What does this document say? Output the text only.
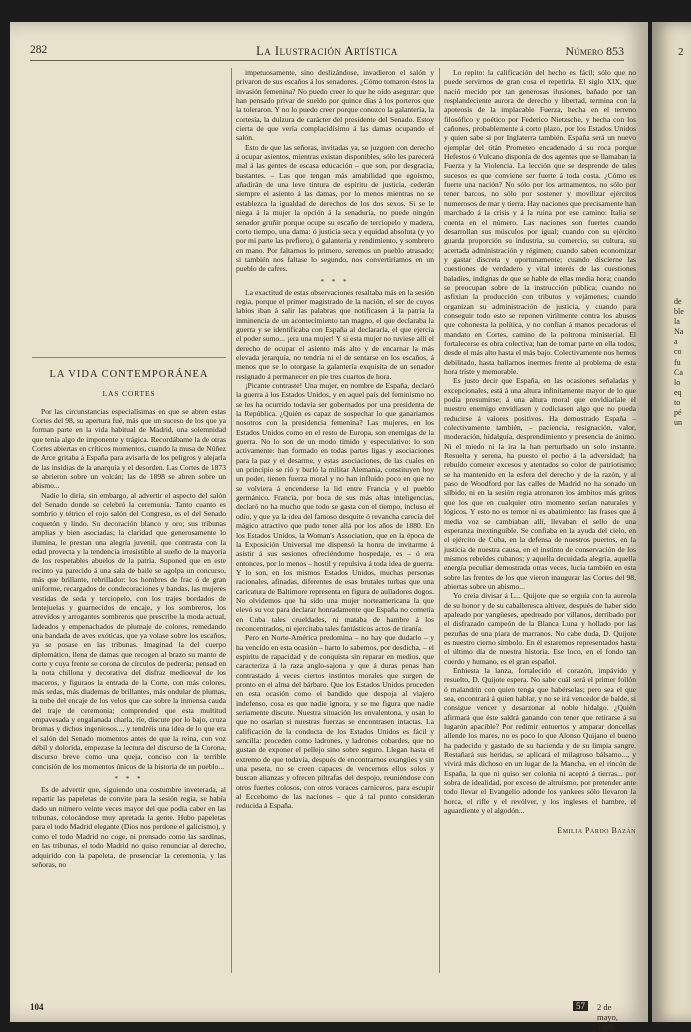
2
de
ble
la
Na
a
co
fu
Ca
lo
eq
to
pé
un
282	La Ilustración Artística	Número 853
LA VIDA CONTEMPORÁNEA
LAS CORTES

Por las circunstancias especialísimas en que se abren estas Cortes del 98, su apertura fué, más que un suceso de los que ya forman parte en la vida habitual de Madrid, una solemnidad que tenía algo de imponente y trágica. Recordábame la de otras Cortes abiertas en críticos momentos, cuando la musa de Núñez de Arce gritaba á España para avisarla de los peligros y alejarla de las insidias de la anarquía y el desorden. Las Cortes de 1873 se abrieron sobre un volcán; las de 1898 se abren sobre un abismo...

Nadie lo diría, sin embargo, al advertir el aspecto del salón del Senado donde se celebró la ceremonia. Tanto cuanto es sombrío y tétrico el rojo salón del Congreso, es el del Senado coquetón y lindo. Su decoración blanco y oro; sus tribunas amplias y bien asociadas; la claridad que generosamente lo ilumina, le prestan una alegría juvenil, que contrasta con la edad provecta y la tendencia irresistible al sueño de la mayoría de los respetables abuelos de la patria. Suponed que en este recinto ya parecido á una sala de baile se agolpa un concurso, más que brillante, rebrillador: los hombres de frac ó de gran uniforme, recargados de condecoraciones y bandas, las mujeres vestidas de seda y terciopelo, con los trajes bordados de lentejuelas y guarnecidos de encaje, y los sombreros, los atrevidos y arrogantes sombreros que prescribe la moda actual, ladeados y empenachados de plumaje de colores, remedando una bandada de aves exóticas, que ya volase sobre los escaños, ya se posase en las tribunas. Imaginad la del cuerpo diplomático, llena de damas que recogen al brazo su manto de corte y cuya frente se corona de círculos de pedrería; pensad en la nota chillona y decorativa del disfraz medioeval de los maceros, y figuraos la entrada de la Corte, con más colores, más sedas, más diademas de brillantes, más ondular de plumas, la nube del encaje de los velos que cae sobre la inmensa cauda del traje de ceremonia; comprended que esta multitud empavesada y engalanada charla, ríe, discute por lo bajo, cruza bromas y dichos ingeniosos..., y tendréis una idea de lo que era el salón del Senado momentos antes de que la reina, con voz débil y dolorida, empezase la lectura del discurso de la Corona, discurso breve como una queja, conciso con la terrible concisión de los momentos únicos de la historia de un pueblo...

* * *

Es de advertir que, siguiendo una costumbre inveterada, al repartir las papeletas de convite para la sesión regia, se había dado un número veinte veces mayor del que podía caber en las tribunas, colocándose muy apretada la gente. Hubo papeletas para el todo Madrid elegante (Dios nos perdone el galicismo), y como el todo Madrid no coge, ni prensado como las sardinas, en las tribunas, el todo Madrid no quiso renunciar al derecho, adquirido con la papeleta, de presenciar la ceremonia, y las señoras, no

impetuosamente, sino deslizándose, invadieron el salón y privaron de sus escaños á los senadores. ¿Cómo tomaron éstos la invasión femenina? No puedo creer lo que he oído asegurar: que han pensado privar de sueldo por quince días á los porteros que la toleraron. Y no lo puedo creer porque conozco la galantería, la cortesía, la dulzura de carácter del presidente del Senado. Estoy cierta de que vería complacidísimo á las damas ocupando el salón.

Esto de que las señoras, invitadas ya, se juzguen con derecho á ocupar asientos, mientras existan disponibles, sólo les parecerá mal á las gentes de escasa educación – que son, por desgracia, bastantes. – Las que tengan más amabilidad que egoísmo, añadirán de una leve tintura de espíritu de justicia, cederán siempre el asiento á las damas, por lo menos mientras no se establezca la igualdad de derechos de los dos sexos. Si se le niega á la mujer la opción á la senaduría, no puede ningún senador gruñir porque ocupe su escaño de terciopelo y madera, corto tiempo, una dama: ó justicia seca y equidad absoluta (y yo por mi parte las prefiero), ó galantería y rendimiento, y sombrero en mano. Por faltarnos lo primero, seremos un pueblo atrasado; si también nos faltase lo segundo, nos convertiríamos en un pueblo de cafres.

* * *

La exactitud de estas observaciones resaltaba más en la sesión regia, porque el primer magistrado de la nación, el ser de cuyos labios iban á salir las palabras que notificasen á la patria la inminencia de un acontecimiento tan magno, el que declaraba la guerra y se identificaba con España al declararla, el que ejercía el poder sumo... ¡era una mujer! Y si esta mujer no tuviese allí el derecho de ocupar el asiento más alto y de encarnar la más elevada jerarquía, no tendría ni el de sentarse en los escaños, á menos que se lo otorgase la galantería exquisita de un senador resignado á permanecer en pie tres cuartos de hora.

¡Picante contraste! Una mujer, en nombre de España, declaró la guerra á los Estados Unidos, y en aquel país del feminismo no se les ha ocurrido todavía ser gobernados por una presidenta de la República. ¿Quién es capaz de sospechar lo que ganaríamos nosotros con la presidencia femenina? Las mujeres, en los Estados Unidos como en el resto de Europa, son enemigas de la guerra. No lo son de un modo tímido y especulativo: lo son activamente: han formado en todas partes ligas y asociaciones para la paz y el desarme, y estas asociaciones, de las cuales en un principio se rió y burló la militar Alemania, constituyen hoy un poder, tienen fuerza moral y no han influído poco en que no se volviera á encenderse la lid entre Francia y el pueblo germánico. Francia, por boca de sus más altas inteligencias, declaró no ha mucho que todo se gasta con el tiempo, incluso el odio, y que ya la idea del famoso desquite ó revancha carecía del mágico atractivo que pudo tener allá por los años de 1880. En los Estados Unidos, la Woman's Association, que en la época de la Exposición Universal me dispensó la honra de invitarme á asistir á sus sesiones ofreciéndome hospedaje, es – ó era entonces, por lo menos – hostil y repulsiva á toda idea de guerra. Y lo son, en los mismos Estados Unidos, muchas personas racionales, afinadas, diferentes de esas brutales turbas que una caricatura de Baltimore representa en figura de aulladores dogos. No olvidemos que ha sido una mujer norteamericana la que elevó su voz para declarar honradamente que España no cometía en Cuba tales crueldades, ni mataba de hambre á los reconcentrados, ni ejercitaba tales fantásticos actos de tiranía.

Pero en Norte-América predomina – no hay que dudarlo – y ha vencido en esta ocasión – harto lo sabemos, por desdicha, – el espíritu de rapacidad y de conquista sin reparar en medios, que caracteriza á la raza anglo-sajona y que á duras penas han contrastado á veces ciertos instintos morales que surgen de pronto en el alma del bárbaro. Que los Estados Unidos proceden en esta ocasión como el bandido que despoja al viajero indefenso, cosa es que nadie ignora, y se me figura que nadie seriamente discute. Nuestra situación les envalentona, y osan lo que no osarían si nuestras fuerzas se encontrasen intactas. La calificación de la conducta de los Estados Unidos es fácil y sencilla: proceden como ladrones, y ladrones cobardes, que no gustan de exponer el pellejo sino sobre seguro. Llegan hasta el extremo de que todavía, después de encontrarnos exangües y sin una peseta, no se creen capaces de vencernos ellos solos y buscan alianzas y ofrecen piltrafas del despojo, reuniéndose con otros fuertes colosos, con otros voraces carniceros, para escupir al Eccehomo de las naciones – que á tal punto consideran reducida á España.

Lo repito: la calificación del hecho es fácil; sólo que no puede servirnos de gran cosa el repetirla. El siglo XIX, que nació mecido por tan generosas ilusiones, bañado por tan resplandeciente aurora de derecho y libertad, termina con la apoteosis de la implacable Fuerza, hecha en el terreno filosófico y poético por Federico Nietzsche, y hecha con los cañones, probablemente á corto plazo, por los Estados Unidos y quien sabe si por Inglaterra también. España será un nuevo ejemplar del titán Prometeo encadenado á su roca porque Hefestos ó Vulcano disponía de dos agentes que se llamaban la Fuerza y la Violencia. La lección que se desprende de tales sucesos es que conviene ser fuerte á toda costa. ¿Cómo es fuerte una nación? No sólo por los armamentos, no sólo por tener barcos, no sólo por sostener y movilizar ejércitos numerosos de mar y tierra. Hay naciones que precisamente han marchado á la crisis y á la ruina por ese camino: Italia se cuenta en el número. Las naciones son fuertes cuando desarrollan sus músculos por igual; cuando con su ejército guarda proporción su industria, su comercio, su cultura, su acertada administración y régimen; cuando saben economizar y gastar discreta y oportunamente; cuando discierne las cuestiones de verdadero y vital interés de las cuestiones baladíes, indignas de que se hable de ellas media hora; cuando se preocupan sobre de la instrucción pública; cuando no asfixian la producción con tributos y vejámenes; cuando organizan su administración de justicia, y cuando para conseguir todo esto se reponen virilmente contra los abusos que cohonesta la política, y no confían á manos pecadoras el mandato en Cortes, camino de la poltrona ministerial. El fortalecerse es obra colectiva; han de tomar parte en ella todos, desde el más alto hasta el más bajo. Colectivamente nos hemos debilitado, hasta hallarnos inermes frente al problema de esta hora triste y memorable.

Es justo decir que España, en las ocasiones señaladas y excepcionales, está á una altura infinitamente mayor de lo que podía presumirse; á una altura moral que envidiaríale el nuestro enemigo envidiasen y codiciasen algo que no pueda reducirse á valores positivos. Ha demostrado España – colectivamente también, – paciencia, resignación, valor, moderación, hidalguía, desprendimiento y presencia de ánimo. Ni el miedo ni la ira la han perturbado un solo instante. Resuelta y serena, ha puesto el pecho á la adversidad; ha rebuído cometer excesos y atentados so color de patriotismo; se ha mantenido en la esfera del derecho y de la razón, y al paso de Woodford por las calles de Madrid no ha sonado un silbido, ni en la sesión regia atronaron los ámbitos más gritos que los que en cualquier otro momento serían naturales y lógicos. Y esto no es temor ni es abatimiento: las frases que á media voz se cambiaban allí, llevaban el sello de una esperanza inextinguible. Se confiaba en la ayuda del cielo, en el ejército de Cuba, en la defensa de nuestros puertos, en la justicia de nuestra causa, en el instinto de conservación de los mismos rebeldes cubanos; y aquella decuidada alegría, aquella energía peculiar demostrada otras veces, lucía también en esta sobre las frentes de los que vieron inaugurar las Cortes del 98, abiertas sobre un abismo...

Yo creía divisar á L... Quijote que se erguía con la aureola de su honor y de su caballeresca altivez, después de haber sido apaleado por yangüeses, apedreado por villanos, derribado por el disfrazado campeón de la Blanca Luna y hollado por las pezuñas de una piara de marranos. No cabe duda, D. Quijote es nuestro cierno símbolo. En él estaremos representados hasta el último día de nuestra historia. Ese loco, en el fondo tan cuerdo y humano, es el gran español.

Enhiesta la lanza, fortalecido el corazón, impávido y resuelto, D. Quijote espera. No sabe cuál será el primer follón ó malandrín con quien tenga que habérselas; pero sea el que sea, encontrará á quien hablar, y no se irá vencedor de balde, si consigue vencer y desarzonar al noble hidalgo. ¿Quién afirmará que éste saldrá ganando con tener que retirarse á su lugarón apacible? Por redimir entuertos y amparar doncellas allende los mares, no es poco lo que Alonso Quijano el bueno ha padecido y gastado de su hacienda y de su limpia sangre. Restañará sus heridas, se aplicará el milagroso bálsamo..., y vivirá más dichoso en un lugar de la Mancha, en el rincón de España, la que ni quiso ser colonia ni aceptó á tierras... por sobra de idealidad, por exceso de altruismo, por pretender ante todo llevar el Evangelio adonde los yankees sólo llevaron la horca, el rifle y el revólver, y los ingleses el hambre, el aguardiente y el algodón...

Emilia Pardo Bazán
104	57	2 de mayo, 1898.
